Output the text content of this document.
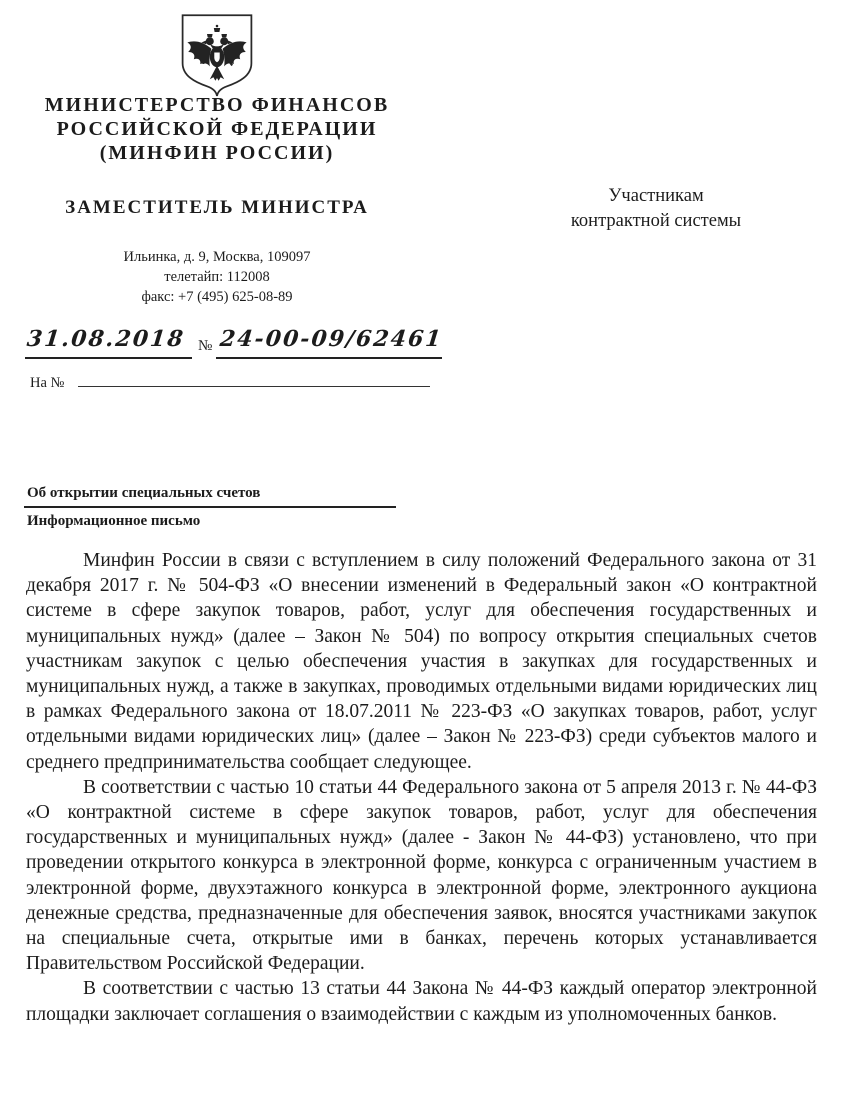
МИНИСТЕРСТВО ФИНАНСОВ
РОССИЙСКОЙ ФЕДЕРАЦИИ
(МИНФИН РОССИИ)
ЗАМЕСТИТЕЛЬ МИНИСТРА
Участникам
контрактной системы
Ильинка, д. 9, Москва, 109097
телетайп: 112008
факс: +7 (495) 625-08-89
31.08.2018 № 24-00-09/62461
На №
Об открытии специальных счетов
Информационное письмо

Минфин России в связи с вступлением в силу положений Федерального закона от 31 декабря 2017 г. № 504-ФЗ «О внесении изменений в Федеральный закон «О контрактной системе в сфере закупок товаров, работ, услуг для обеспечения государственных и муниципальных нужд» (далее – Закон № 504) по вопросу открытия специальных счетов участникам закупок с целью обеспечения участия в закупках для государственных и муниципальных нужд, а также в закупках, проводимых отдельными видами юридических лиц в рамках Федерального закона от 18.07.2011 № 223-ФЗ «О закупках товаров, работ, услуг отдельными видами юридических лиц» (далее – Закон № 223-ФЗ) среди субъектов малого и среднего предпринимательства сообщает следующее.

В соответствии с частью 10 статьи 44 Федерального закона от 5 апреля 2013 г. № 44-ФЗ «О контрактной системе в сфере закупок товаров, работ, услуг для обеспечения государственных и муниципальных нужд» (далее - Закон № 44-ФЗ) установлено, что при проведении открытого конкурса в электронной форме, конкурса с ограниченным участием в электронной форме, двухэтажного конкурса в электронной форме, электронного аукциона денежные средства, предназначенные для обеспечения заявок, вносятся участниками закупок на специальные счета, открытые ими в банках, перечень которых устанавливается Правительством Российской Федерации.

В соответствии с частью 13 статьи 44 Закона № 44-ФЗ каждый оператор электронной площадки заключает соглашения о взаимодействии с каждым из уполномоченных банков.
